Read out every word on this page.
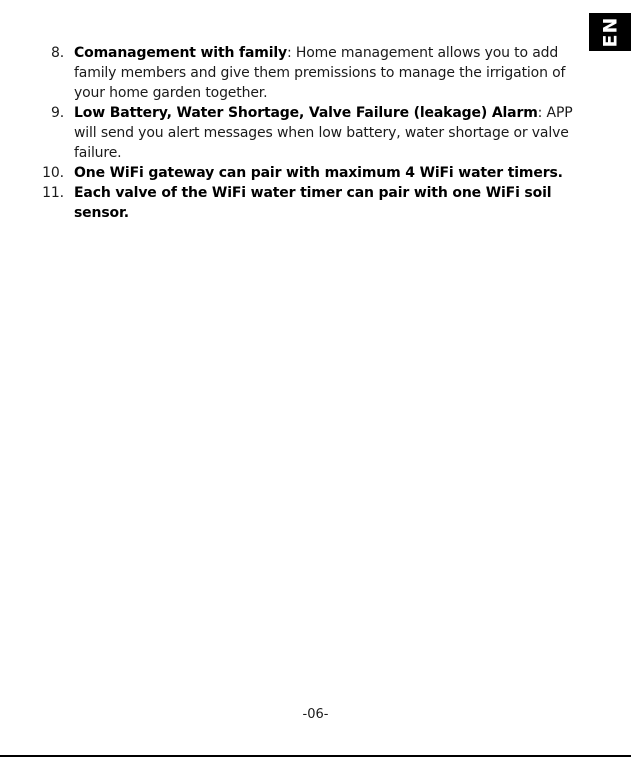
EN
8. Comanagement with family: Home management allows you to add family members and give them premissions to manage the irrigation of your home garden together.
9. Low Battery, Water Shortage, Valve Failure (leakage) Alarm: APP will send you alert messages when low battery, water shortage or valve failure.
10. One WiFi gateway can pair with maximum 4 WiFi water timers.
11. Each valve of the WiFi water timer can pair with one WiFi soil sensor.
-06-
